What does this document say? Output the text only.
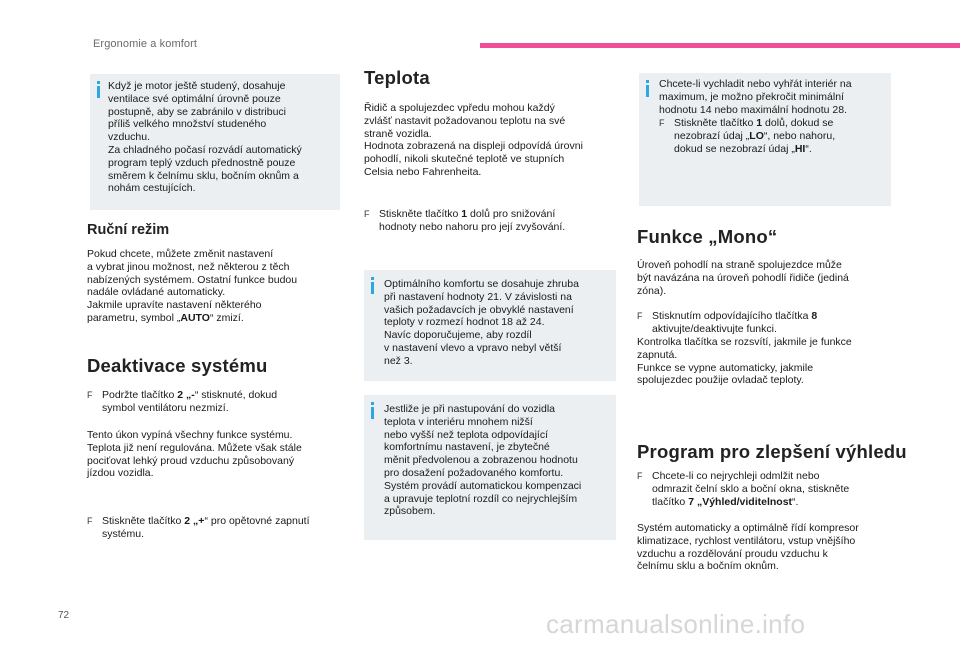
Ergonomie a komfort
72	carmanualsonline.info
Když je motor ještě studený, dosahuje
ventilace své optimální úrovně pouze
postupně, aby se zabránilo v distribuci
příliš velkého množství studeného
vzduchu.
Za chladného počasí rozvádí automatický
program teplý vzduch přednostně pouze
směrem k čelnímu sklu, bočním oknům a
nohám cestujících.
Ruční režim
Pokud chcete, můžete změnit nastavení
a vybrat jinou možnost, než některou z těch
nabízených systémem. Ostatní funkce budou
nadále ovládané automaticky.
Jakmile upravíte nastavení některého
parametru, symbol „AUTO“ zmizí.
Deaktivace systému
F Podržte tlačítko 2 „-“ stisknuté, dokud
symbol ventilátoru nezmizí.
Tento úkon vypíná všechny funkce systému.
Teplota již není regulována. Můžete však stále
pociťovat lehký proud vzduchu způsobovaný
jízdou vozidla.
F Stiskněte tlačítko 2 „+“ pro opětovné zapnutí
systému.
Teplota
Řidič a spolujezdec vpředu mohou každý
zvlášť nastavit požadovanou teplotu na své
straně vozidla.
Hodnota zobrazená na displeji odpovídá úrovni
pohodlí, nikoli skutečné teplotě ve stupních
Celsia nebo Fahrenheita.
F Stiskněte tlačítko 1 dolů pro snižování
hodnoty nebo nahoru pro její zvyšování.
Optimálního komfortu se dosahuje zhruba
při nastavení hodnoty 21. V závislosti na
vašich požadavcích je obvyklé nastavení
teploty v rozmezí hodnot 18 až 24.
Navíc doporučujeme, aby rozdíl
v nastavení vlevo a vpravo nebyl větší
než 3.
Jestliže je při nastupování do vozidla
teplota v interiéru mnohem nižší
nebo vyšší než teplota odpovídající
komfortnímu nastavení, je zbytečné
měnit předvolenou a zobrazenou hodnotu
pro dosažení požadovaného komfortu.
Systém provádí automatickou kompenzaci
a upravuje teplotní rozdíl co nejrychlejším
způsobem.
Chcete-li vychladit nebo vyhřát interiér na
maximum, je možno překročit minimální
hodnotu 14 nebo maximální hodnotu 28.
F Stiskněte tlačítko 1 dolů, dokud se
nezobrazí údaj „LO“, nebo nahoru,
dokud se nezobrazí údaj „HI“.
Funkce „Mono“
Úroveň pohodlí na straně spolujezdce může
být navázána na úroveň pohodlí řidiče (jediná
zóna).
F Stisknutím odpovídajícího tlačítka 8
aktivujte/deaktivujte funkci.
Kontrolka tlačítka se rozsvítí, jakmile je funkce
zapnutá.
Funkce se vypne automaticky, jakmile
spolujezdec použije ovladač teploty.
Program pro zlepšení výhledu
F Chcete-li co nejrychleji odmlžit nebo
odmrazit čelní sklo a boční okna, stiskněte
tlačítko 7 „Výhled/viditelnost“.
Systém automaticky a optimálně řídí kompresor
klimatizace, rychlost ventilátoru, vstup vnějšího
vzduchu a rozdělování proudu vzduchu k
čelnímu sklu a bočním oknům.
